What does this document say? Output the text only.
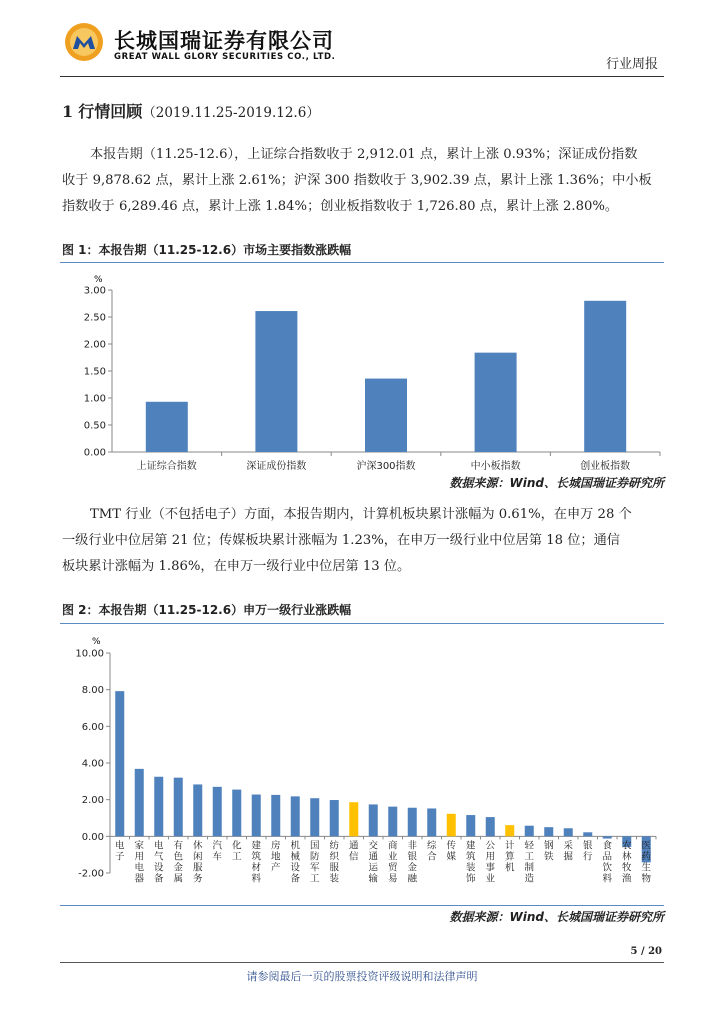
长城国瑞证券有限公司
GREAT WALL GLORY SECURITIES CO., LTD.	行业周报
1 行情回顾（2019.11.25-2019.12.6）
本报告期（11.25-12.6），上证综合指数收于 2,912.01 点，累计上涨 0.93%；深证成份指数
收于 9,878.62 点，累计上涨 2.61%；沪深 300 指数收于 3,902.39 点，累计上涨 1.36%；中小板
指数收于 6,289.46 点，累计上涨 1.84%；创业板指数收于 1,726.80 点，累计上涨 2.80%。
图 1：本报告期（11.25-12.6）市场主要指数涨跌幅
%
0.00
0.50
1.00
1.50
2.00
2.50
3.00
上证综合指数	深证成份指数	沪深300指数	中小板指数	创业板指数
数据来源：Wind、长城国瑞证券研究所
TMT 行业（不包括电子）方面，本报告期内，计算机板块累计涨幅为 0.61%，在申万 28 个
一级行业中位居第 21 位；传媒板块累计涨幅为 1.23%，在申万一级行业中位居第 18 位；通信
板块累计涨幅为 1.86%，在申万一级行业中位居第 13 位。
图 2：本报告期（11.25-12.6）申万一级行业涨跌幅
%
-2.00
0.00
2.00
4.00
6.00
8.00
10.00
电子
家用电器
电气设备
有色金属
休闲服务
汽车
化工
建筑材料
房地产
机械设备
国防军工
纺织服装
通信
交通运输
商业贸易
非银金融
综合
传媒
建筑装饰
公用事业
计算机
轻工制造
钢铁
采掘
银行
食品饮料
农林牧渔
医药生物
数据来源：Wind、长城国瑞证券研究所
5 / 20
请参阅最后一页的股票投资评级说明和法律声明
